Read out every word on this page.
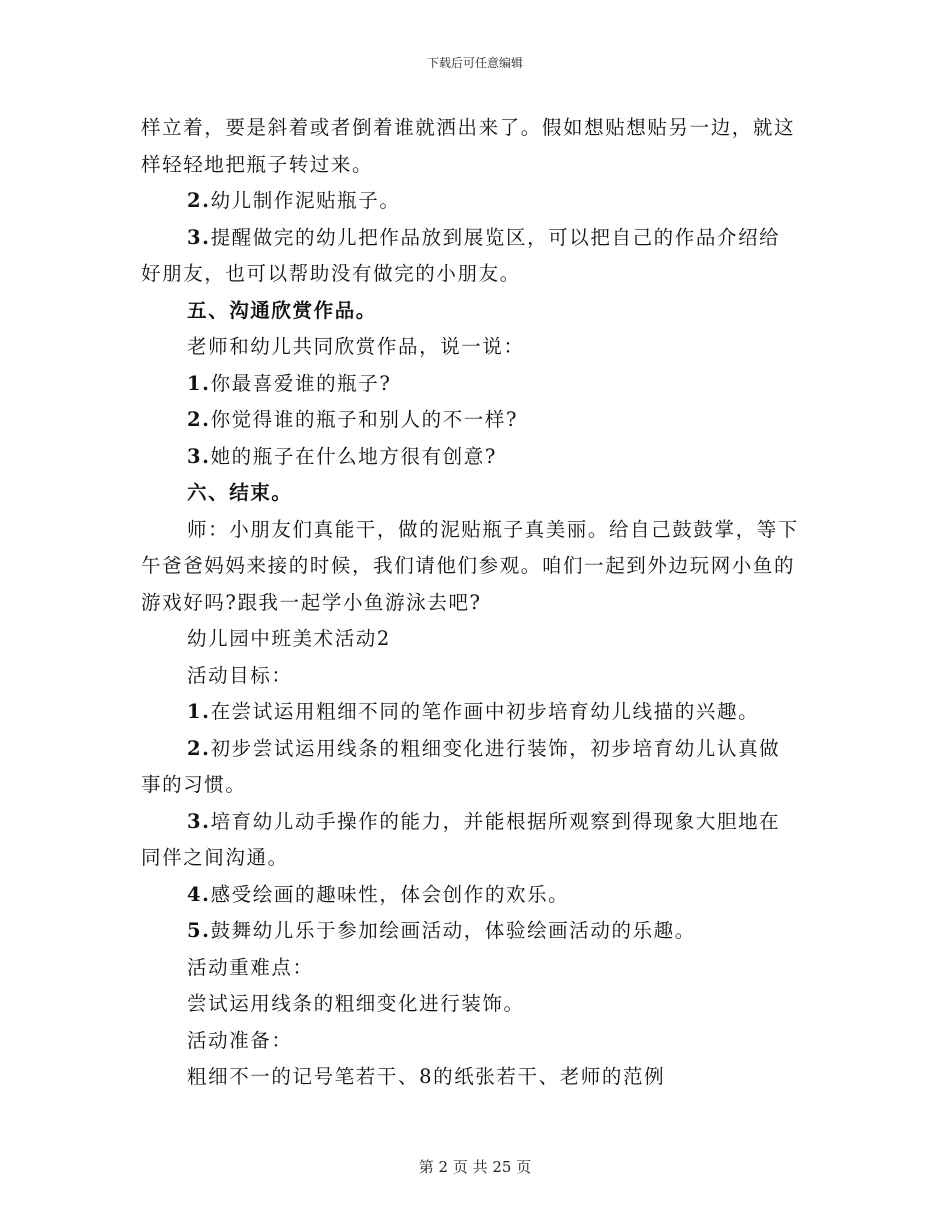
下载后可任意编辑

样立着，要是斜着或者倒着谁就洒出来了。假如想贴想贴另一边，就这样轻轻地把瓶子转过来。

2.幼儿制作泥贴瓶子。

3.提醒做完的幼儿把作品放到展览区，可以把自己的作品介绍给好朋友，也可以帮助没有做完的小朋友。

五、沟通欣赏作品。

老师和幼儿共同欣赏作品，说一说：

1.你最喜爱谁的瓶子?

2.你觉得谁的瓶子和别人的不一样?

3.她的瓶子在什么地方很有创意?

六、结束。

师：小朋友们真能干，做的泥贴瓶子真美丽。给自己鼓鼓掌，等下午爸爸妈妈来接的时候，我们请他们参观。咱们一起到外边玩网小鱼的游戏好吗?跟我一起学小鱼游泳去吧?

幼儿园中班美术活动2

活动目标：

1.在尝试运用粗细不同的笔作画中初步培育幼儿线描的兴趣。

2.初步尝试运用线条的粗细变化进行装饰，初步培育幼儿认真做事的习惯。

3.培育幼儿动手操作的能力，并能根据所观察到得现象大胆地在同伴之间沟通。

4.感受绘画的趣味性，体会创作的欢乐。

5.鼓舞幼儿乐于参加绘画活动，体验绘画活动的乐趣。

活动重难点：

尝试运用线条的粗细变化进行装饰。

活动准备：

粗细不一的记号笔若干、8的纸张若干、老师的范例

第 2 页 共 25 页
